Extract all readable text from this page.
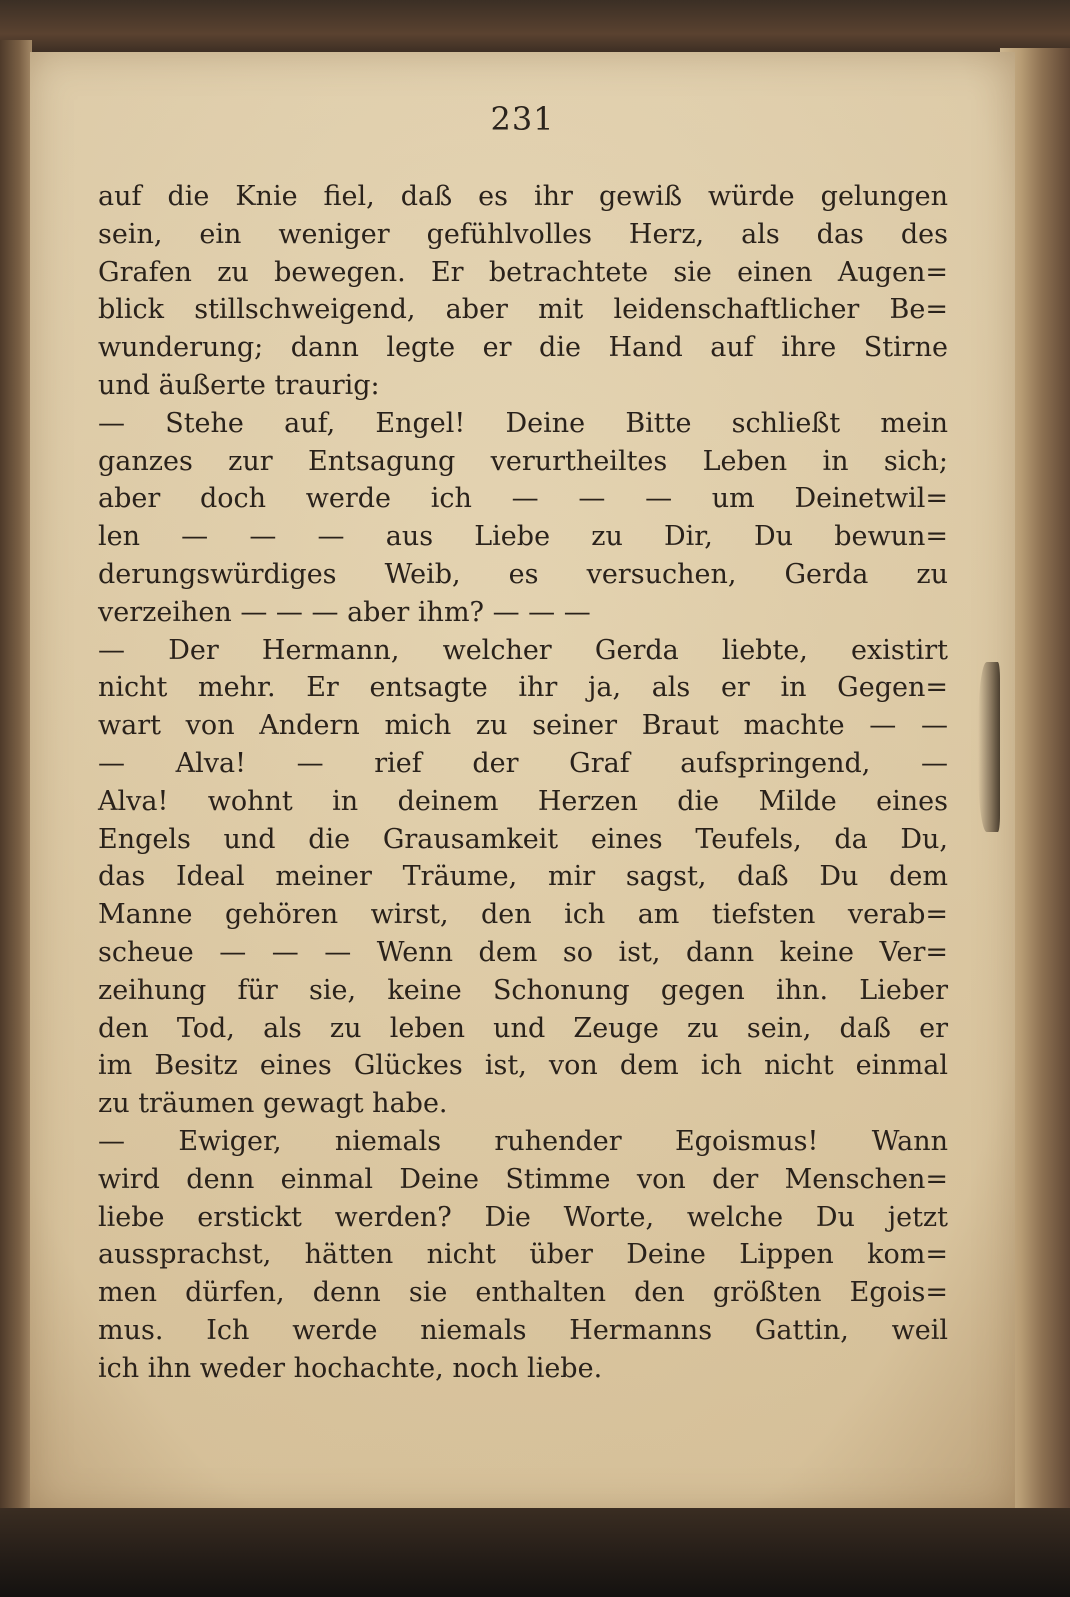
231
auf die Knie fiel, daß es ihr gewiß würde gelungen
sein, ein weniger gefühlvolles Herz, als das des
Grafen zu bewegen. Er betrachtete sie einen Augen=
blick stillschweigend, aber mit leidenschaftlicher Be=
wunderung; dann legte er die Hand auf ihre Stirne
und äußerte traurig:
— Stehe auf, Engel! Deine Bitte schließt mein
ganzes zur Entsagung verurtheiltes Leben in sich;
aber doch werde ich — — — um Deinetwil=
len — — — aus Liebe zu Dir, Du bewun=
derungswürdiges Weib, es versuchen, Gerda zu
verzeihen — — — aber ihm? — — —
— Der Hermann, welcher Gerda liebte, existirt
nicht mehr. Er entsagte ihr ja, als er in Gegen=
wart von Andern mich zu seiner Braut machte — —
— Alva! — rief der Graf aufspringend, —
Alva! wohnt in deinem Herzen die Milde eines
Engels und die Grausamkeit eines Teufels, da Du,
das Ideal meiner Träume, mir sagst, daß Du dem
Manne gehören wirst, den ich am tiefsten verab=
scheue — — — Wenn dem so ist, dann keine Ver=
zeihung für sie, keine Schonung gegen ihn. Lieber
den Tod, als zu leben und Zeuge zu sein, daß er
im Besitz eines Glückes ist, von dem ich nicht einmal
zu träumen gewagt habe.
— Ewiger, niemals ruhender Egoismus! Wann
wird denn einmal Deine Stimme von der Menschen=
liebe erstickt werden? Die Worte, welche Du jetzt
aussprachst, hätten nicht über Deine Lippen kom=
men dürfen, denn sie enthalten den größten Egois=
mus. Ich werde niemals Hermanns Gattin, weil
ich ihn weder hochachte, noch liebe.
